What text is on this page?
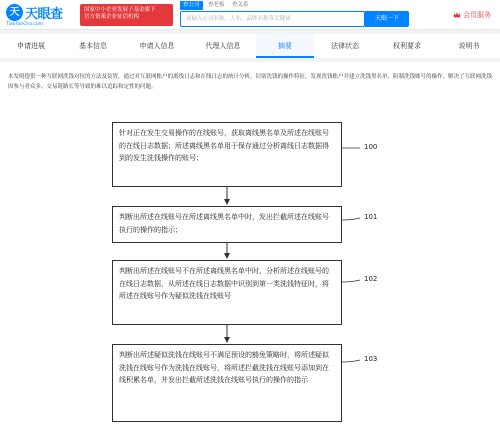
天 天眼查
TianYanCha.com
国家中小企业发展子基金旗下
官方备案企业征信机构
查公司	查老板 查关系
请输入公司名称、人名、品牌名称等关键词
天眼一下	会员服务
申请进展	基本信息	申请人信息	代理人信息	摘要	法律状态	权利要求	说明书

本发明提供一种互联网洗钱对抗的方法及装置，通过对互联网账户的离线日志和在线日志的统计分析，识别洗钱的操作特征，发现洗钱账户并建立洗钱黑名单，阻制洗钱账号的操作，解决了互联网洗钱因参与者众多、交易链路长等导致的难以追踪和定性的问题。

针对正在发生交易操作的在线账号，获取离线黑名单及所述在线账号的在线日志数据；所述离线黑名单用于保存通过分析离线日志数据得到的发生洗钱操作的账号；
100
判断出所述在线账号在所述离线黑名单中时，发出拦截所述在线账号执行的操作的指示；
101
判断出所述在线账号不在所述离线黑名单中时，分析所述在线账号的在线日志数据，从所述在线日志数据中识别到第一类洗钱特征时，将所述在线账号作为疑似洗钱在线账号
102
判断出所述疑似洗钱在线账号不满足预设的豁免策略时，将所述疑似洗钱在线账号作为洗钱在线账号，将所述拦截洗钱在线账号添加到在线积累名单，并发出拦截所述洗钱在线账号执行的操作的指示
103
